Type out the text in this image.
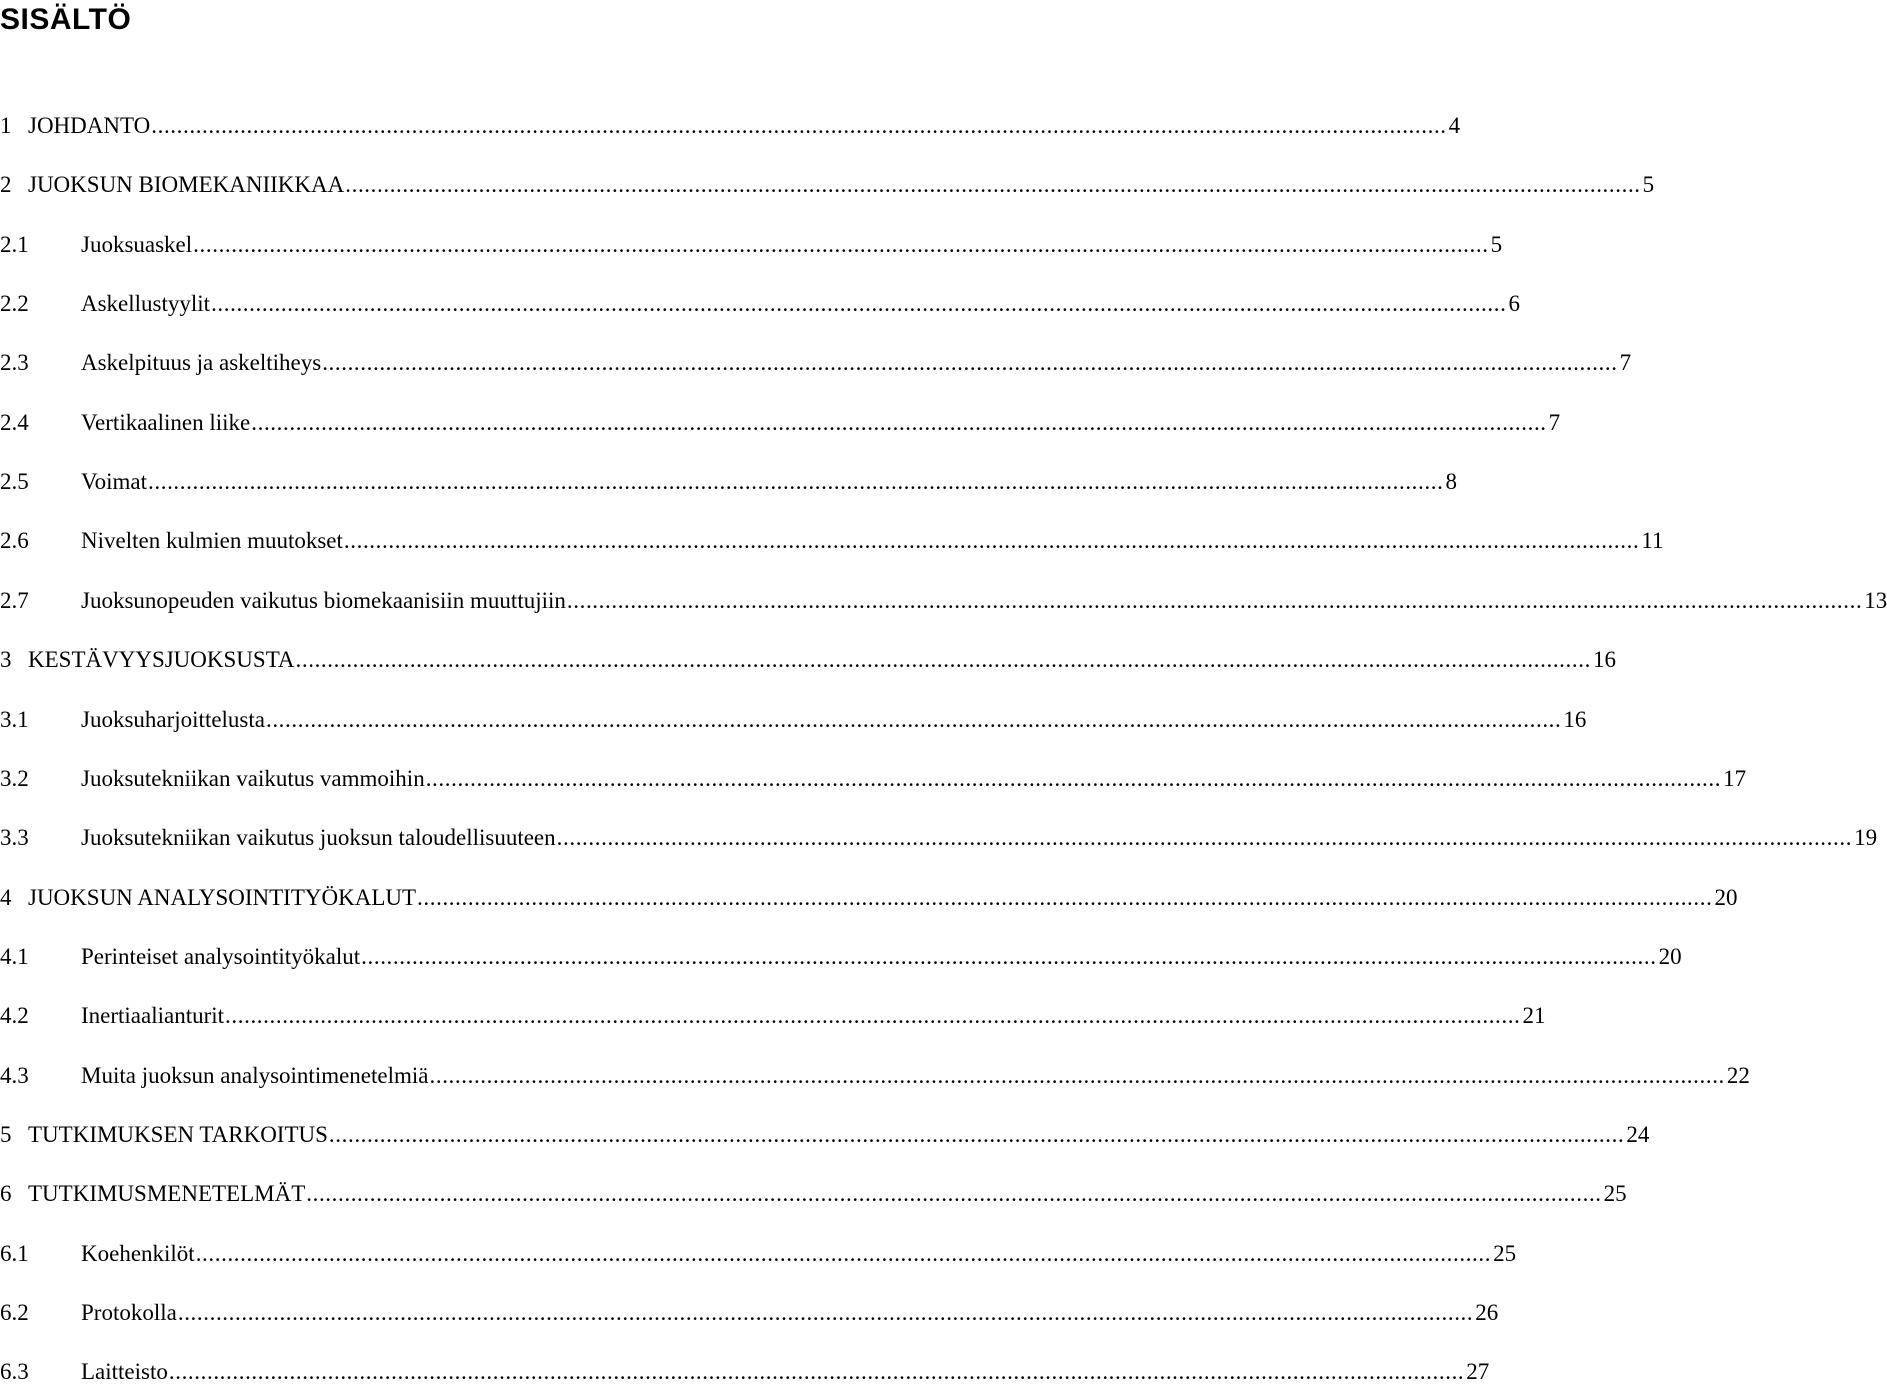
SISÄLTÖ
1 JOHDANTO .....	4
2 JUOKSUN BIOMEKANIIKKAA .....	5
2.1	Juoksuaskel .....	5
2.2	Askellustyylit .....	6
2.3	Askelpituus ja askeltiheys .....	7
2.4	Vertikaalinen liike .....	7
2.5	Voimat .....	8
2.6	Nivelten kulmien muutokset .....	11
2.7	Juoksunopeuden vaikutus biomekaanisiin muuttujiin .....	13
3 KESTÄVYYSJUOKSUSTA .....	16
3.1	Juoksuharjoittelusta .....	16
3.2	Juoksutekniikan vaikutus vammoihin .....	17
3.3	Juoksutekniikan vaikutus juoksun taloudellisuuteen .....	19
4 JUOKSUN ANALYSOINTITYÖKALUT .....	20
4.1	Perinteiset analysointityökalut .....	20
4.2	Inertiaalianturit .....	21
4.3	Muita juoksun analysointimenetelmiä .....	22
5 TUTKIMUKSEN TARKOITUS .....	24
6 TUTKIMUSMENETELMÄT .....	25
6.1	Koehenkilöt .....	25
6.2	Protokolla .....	26
6.3	Laitteisto .....	27
